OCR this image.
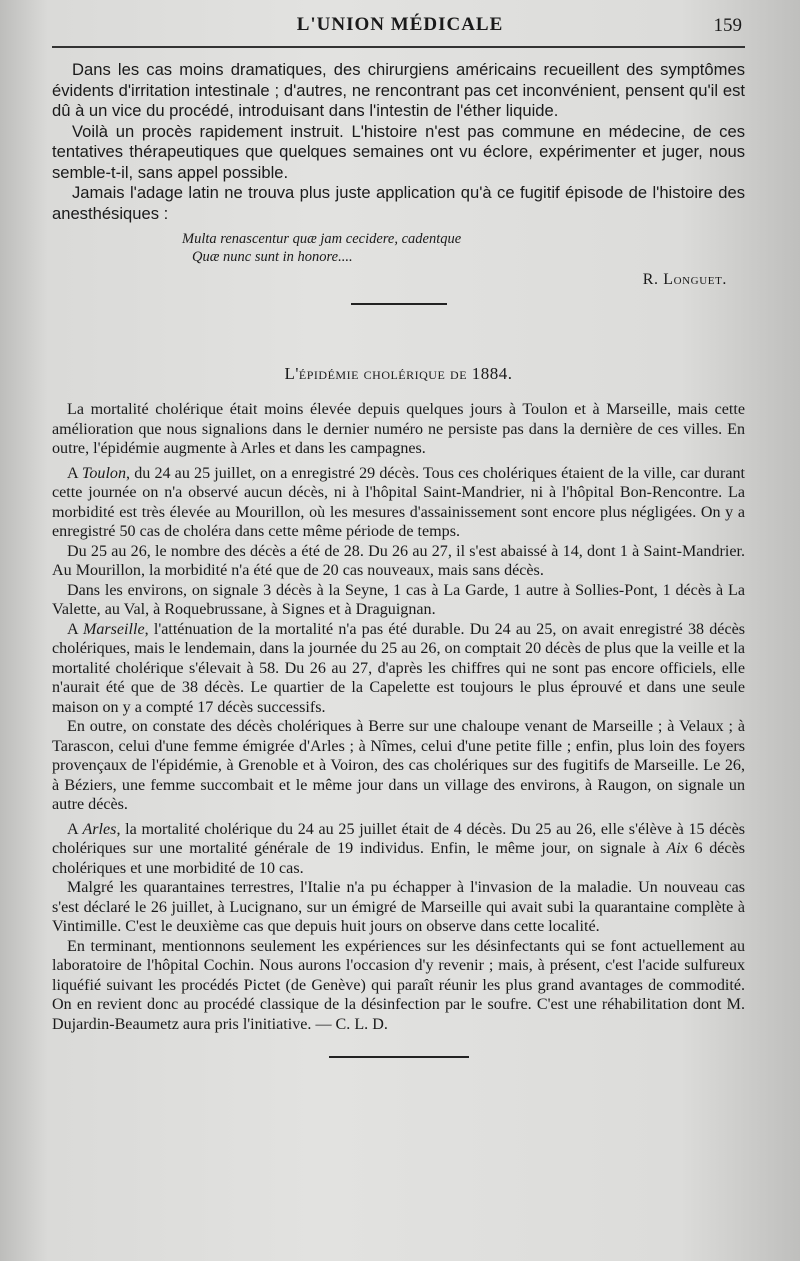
L'UNION MÉDICALE	159

Dans les cas moins dramatiques, des chirurgiens américains recueillent des symptômes évidents d'irritation intestinale ; d'autres, ne rencontrant pas cet inconvénient, pensent qu'il est dû à un vice du procédé, introduisant dans l'intestin de l'éther liquide.

Voilà un procès rapidement instruit. L'histoire n'est pas commune en médecine, de ces tentatives thérapeutiques que quelques semaines ont vu éclore, expérimenter et juger, nous semble-t-il, sans appel possible.

Jamais l'adage latin ne trouva plus juste application qu'à ce fugitif épisode de l'histoire des anesthésiques :

Multa renascentur quæ jam cecidere, cadentque
Quæ nunc sunt in honore....
R. Longuet.
L'épidémie cholérique de 1884.

La mortalité cholérique était moins élevée depuis quelques jours à Toulon et à Marseille, mais cette amélioration que nous signalions dans le dernier numéro ne persiste pas dans la dernière de ces villes. En outre, l'épidémie augmente à Arles et dans les campagnes.

A Toulon, du 24 au 25 juillet, on a enregistré 29 décès. Tous ces cholériques étaient de la ville, car durant cette journée on n'a observé aucun décès, ni à l'hôpital Saint-Mandrier, ni à l'hôpital Bon-Rencontre. La morbidité est très élevée au Mourillon, où les mesures d'assainissement sont encore plus négligées. On y a enregistré 50 cas de choléra dans cette même période de temps.

Du 25 au 26, le nombre des décès a été de 28. Du 26 au 27, il s'est abaissé à 14, dont 1 à Saint-Mandrier. Au Mourillon, la morbidité n'a été que de 20 cas nouveaux, mais sans décès.

Dans les environs, on signale 3 décès à la Seyne, 1 cas à La Garde, 1 autre à Sollies-Pont, 1 décès à La Valette, au Val, à Roquebrussane, à Signes et à Draguignan.

A Marseille, l'atténuation de la mortalité n'a pas été durable. Du 24 au 25, on avait enregistré 38 décès cholériques, mais le lendemain, dans la journée du 25 au 26, on comptait 20 décès de plus que la veille et la mortalité cholérique s'élevait à 58. Du 26 au 27, d'après les chiffres qui ne sont pas encore officiels, elle n'aurait été que de 38 décès. Le quartier de la Capelette est toujours le plus éprouvé et dans une seule maison on y a compté 17 décès successifs.

En outre, on constate des décès cholériques à Berre sur une chaloupe venant de Marseille ; à Velaux ; à Tarascon, celui d'une femme émigrée d'Arles ; à Nîmes, celui d'une petite fille ; enfin, plus loin des foyers provençaux de l'épidémie, à Grenoble et à Voiron, des cas cholériques sur des fugitifs de Marseille. Le 26, à Béziers, une femme succombait et le même jour dans un village des environs, à Raugon, on signale un autre décès.

A Arles, la mortalité cholérique du 24 au 25 juillet était de 4 décès. Du 25 au 26, elle s'élève à 15 décès cholériques sur une mortalité générale de 19 individus. Enfin, le même jour, on signale à Aix 6 décès cholériques et une morbidité de 10 cas.

Malgré les quarantaines terrestres, l'Italie n'a pu échapper à l'invasion de la maladie. Un nouveau cas s'est déclaré le 26 juillet, à Lucignano, sur un émigré de Marseille qui avait subi la quarantaine complète à Vintimille. C'est le deuxième cas que depuis huit jours on observe dans cette localité.

En terminant, mentionnons seulement les expériences sur les désinfectants qui se font actuellement au laboratoire de l'hôpital Cochin. Nous aurons l'occasion d'y revenir ; mais, à présent, c'est l'acide sulfureux liquéfié suivant les procédés Pictet (de Genève) qui paraît réunir les plus grand avantages de commodité. On en revient donc au procédé classique de la désinfection par le soufre. C'est une réhabilitation dont M. Dujardin-Beaumetz aura pris l'initiative. — C. L. D.
